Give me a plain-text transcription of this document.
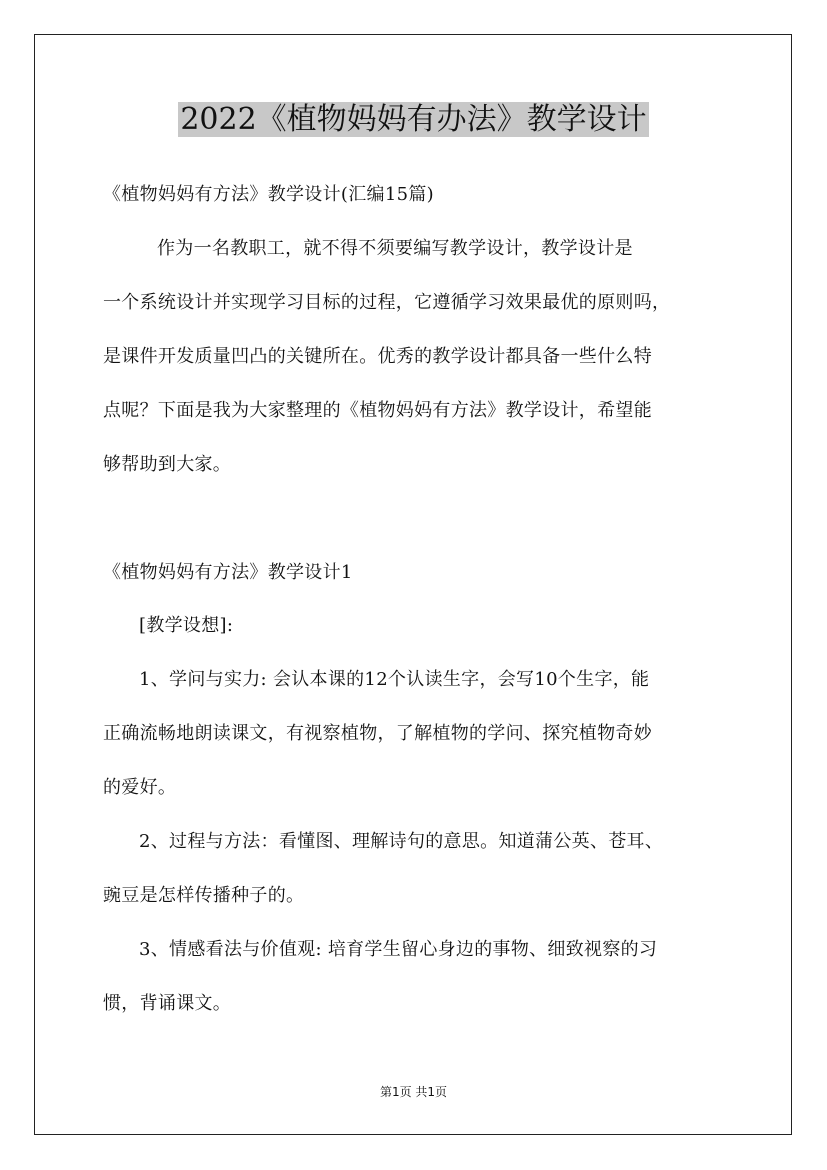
2022《植物妈妈有办法》教学设计
《植物妈妈有方法》教学设计(汇编15篇)
作为一名教职工，就不得不须要编写教学设计，教学设计是
一个系统设计并实现学习目标的过程，它遵循学习效果最优的原则吗，
是课件开发质量凹凸的关键所在。优秀的教学设计都具备一些什么特
点呢？下面是我为大家整理的《植物妈妈有方法》教学设计，希望能
够帮助到大家。
《植物妈妈有方法》教学设计1
[教学设想]:
1、学问与实力: 会认本课的12个认读生字，会写10个生字，能
正确流畅地朗读课文，有视察植物，了解植物的学问、探究植物奇妙
的爱好。
2、过程与方法：看懂图、理解诗句的意思。知道蒲公英、苍耳、
豌豆是怎样传播种子的。
3、情感看法与价值观: 培育学生留心身边的事物、细致视察的习
惯，背诵课文。
第1页 共1页
